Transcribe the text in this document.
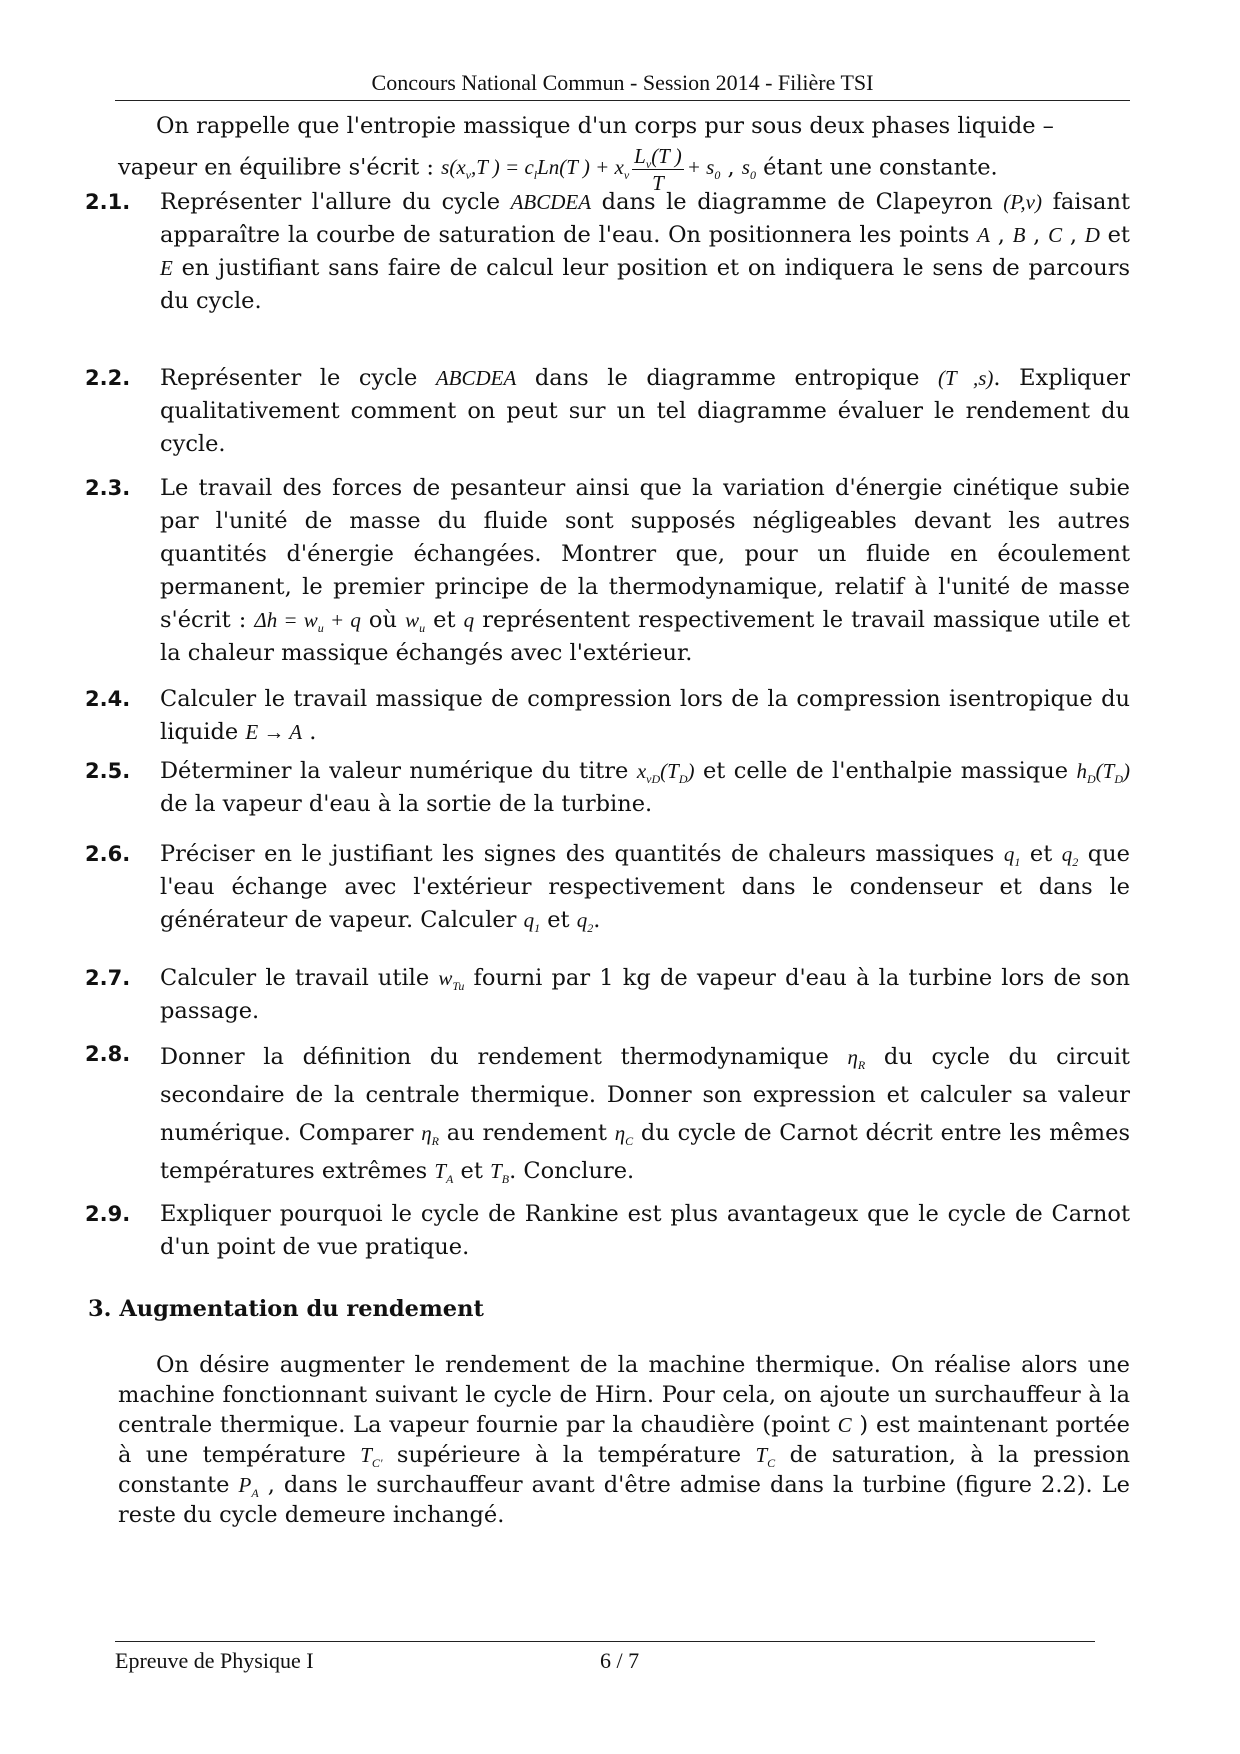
Concours National Commun - Session 2014 - Filière TSI

On rappelle que l'entropie massique d'un corps pur sous deux phases liquide –

vapeur en équilibre s'écrit : $s(x_v,T$ ) = $c_lLn(T$ ) + $x_v \frac{L_v(T )}{T} + s_0$ , $s_0$ étant une constante.

2.1. Représenter l'allure du cycle ABCDEA dans le diagramme de Clapeyron (P,v) faisant apparaître la courbe de saturation de l'eau. On positionnera les points A , B , C , D et E en justifiant sans faire de calcul leur position et on indiquera le sens de parcours du cycle.
2.2. Représenter le cycle ABCDEA dans le diagramme entropique (T ,s). Expliquer qualitativement comment on peut sur un tel diagramme évaluer le rendement du cycle.
2.3. Le travail des forces de pesanteur ainsi que la variation d'énergie cinétique subie par l'unité de masse du fluide sont supposés négligeables devant les autres quantités d'énergie échangées. Montrer que, pour un fluide en écoulement permanent, le premier principe de la thermodynamique, relatif à l'unité de masse s'écrit : $\Delta h = w_u + q$ où $w_u$ et q représentent respectivement le travail massique utile et la chaleur massique échangés avec l'extérieur.
2.4. Calculer le travail massique de compression lors de la compression isentropique du liquide E → A .
2.5. Déterminer la valeur numérique du titre $x_{vD}(T_D)$ et celle de l'enthalpie massique $h_D(T_D)$ de la vapeur d'eau à la sortie de la turbine.
2.6. Préciser en le justifiant les signes des quantités de chaleurs massiques $q_1$ et $q_2$ que l'eau échange avec l'extérieur respectivement dans le condenseur et dans le générateur de vapeur. Calculer $q_1$ et $q_2$.
2.7. Calculer le travail utile $w_{Tu}$ fourni par 1 kg de vapeur d'eau à la turbine lors de son passage.
2.8. Donner la définition du rendement thermodynamique $\eta_R$ du cycle du circuit secondaire de la centrale thermique. Donner son expression et calculer sa valeur numérique. Comparer $\eta_R$ au rendement $\eta_C$ du cycle de Carnot décrit entre les mêmes températures extrêmes $T_A$ et $T_B$. Conclure.
2.9. Expliquer pourquoi le cycle de Rankine est plus avantageux que le cycle de Carnot d'un point de vue pratique.
3. Augmentation du rendement

On désire augmenter le rendement de la machine thermique. On réalise alors une machine fonctionnant suivant le cycle de Hirn. Pour cela, on ajoute un surchauffeur à la centrale thermique. La vapeur fournie par la chaudière (point C ) est maintenant portée à une température $T_{C'}$ supérieure à la température $T_C$ de saturation, à la pression constante $P_A$ , dans le surchauffeur avant d'être admise dans la turbine (figure 2.2). Le reste du cycle demeure inchangé.

Epreuve de Physique I	6 / 7
